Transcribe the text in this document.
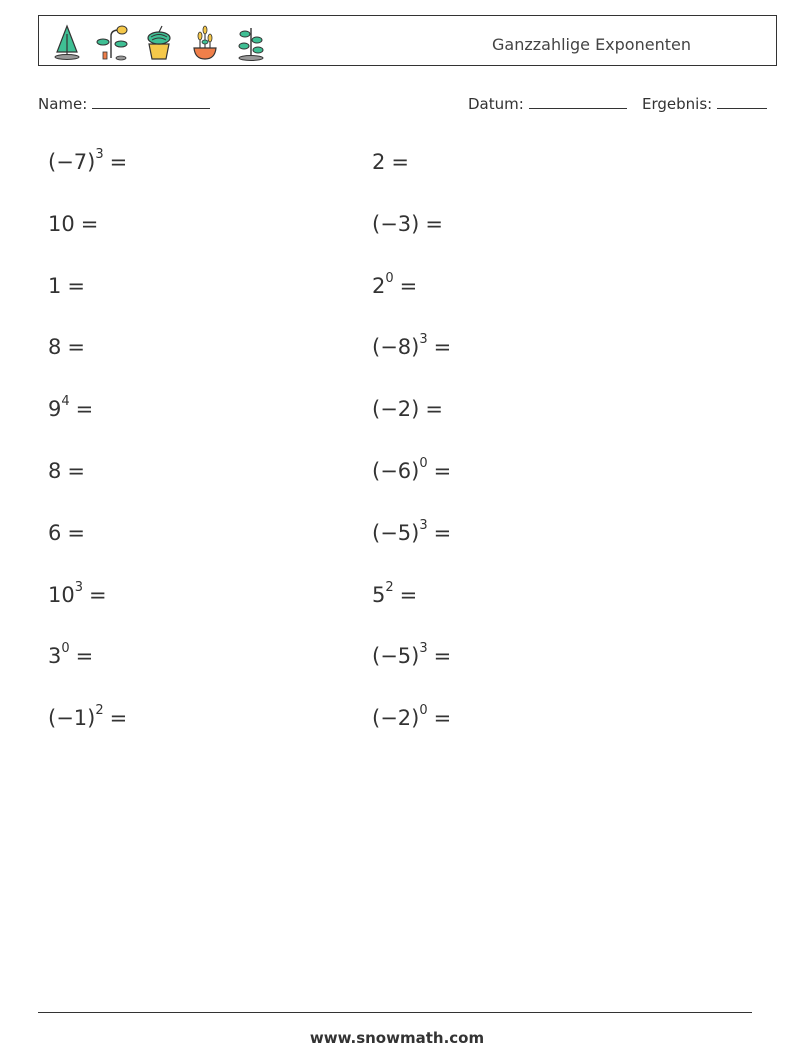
Ganzzahlige Exponenten
Name:	Datum:	Ergebnis:
$(-7)^3$ =
10 =
1 =
8 =
$9^4$ =
8 =
6 =
$10^3$ =
$3^0$ =
$(-1)^2$ =
2 =
(−3) =
$2^0$ =
$(-8)^3$ =
(−2) =
$(-6)^0$ =
$(-5)^3$ =
$5^2$ =
$(-5)^3$ =
$(-2)^0$ =
www.snowmath.com
